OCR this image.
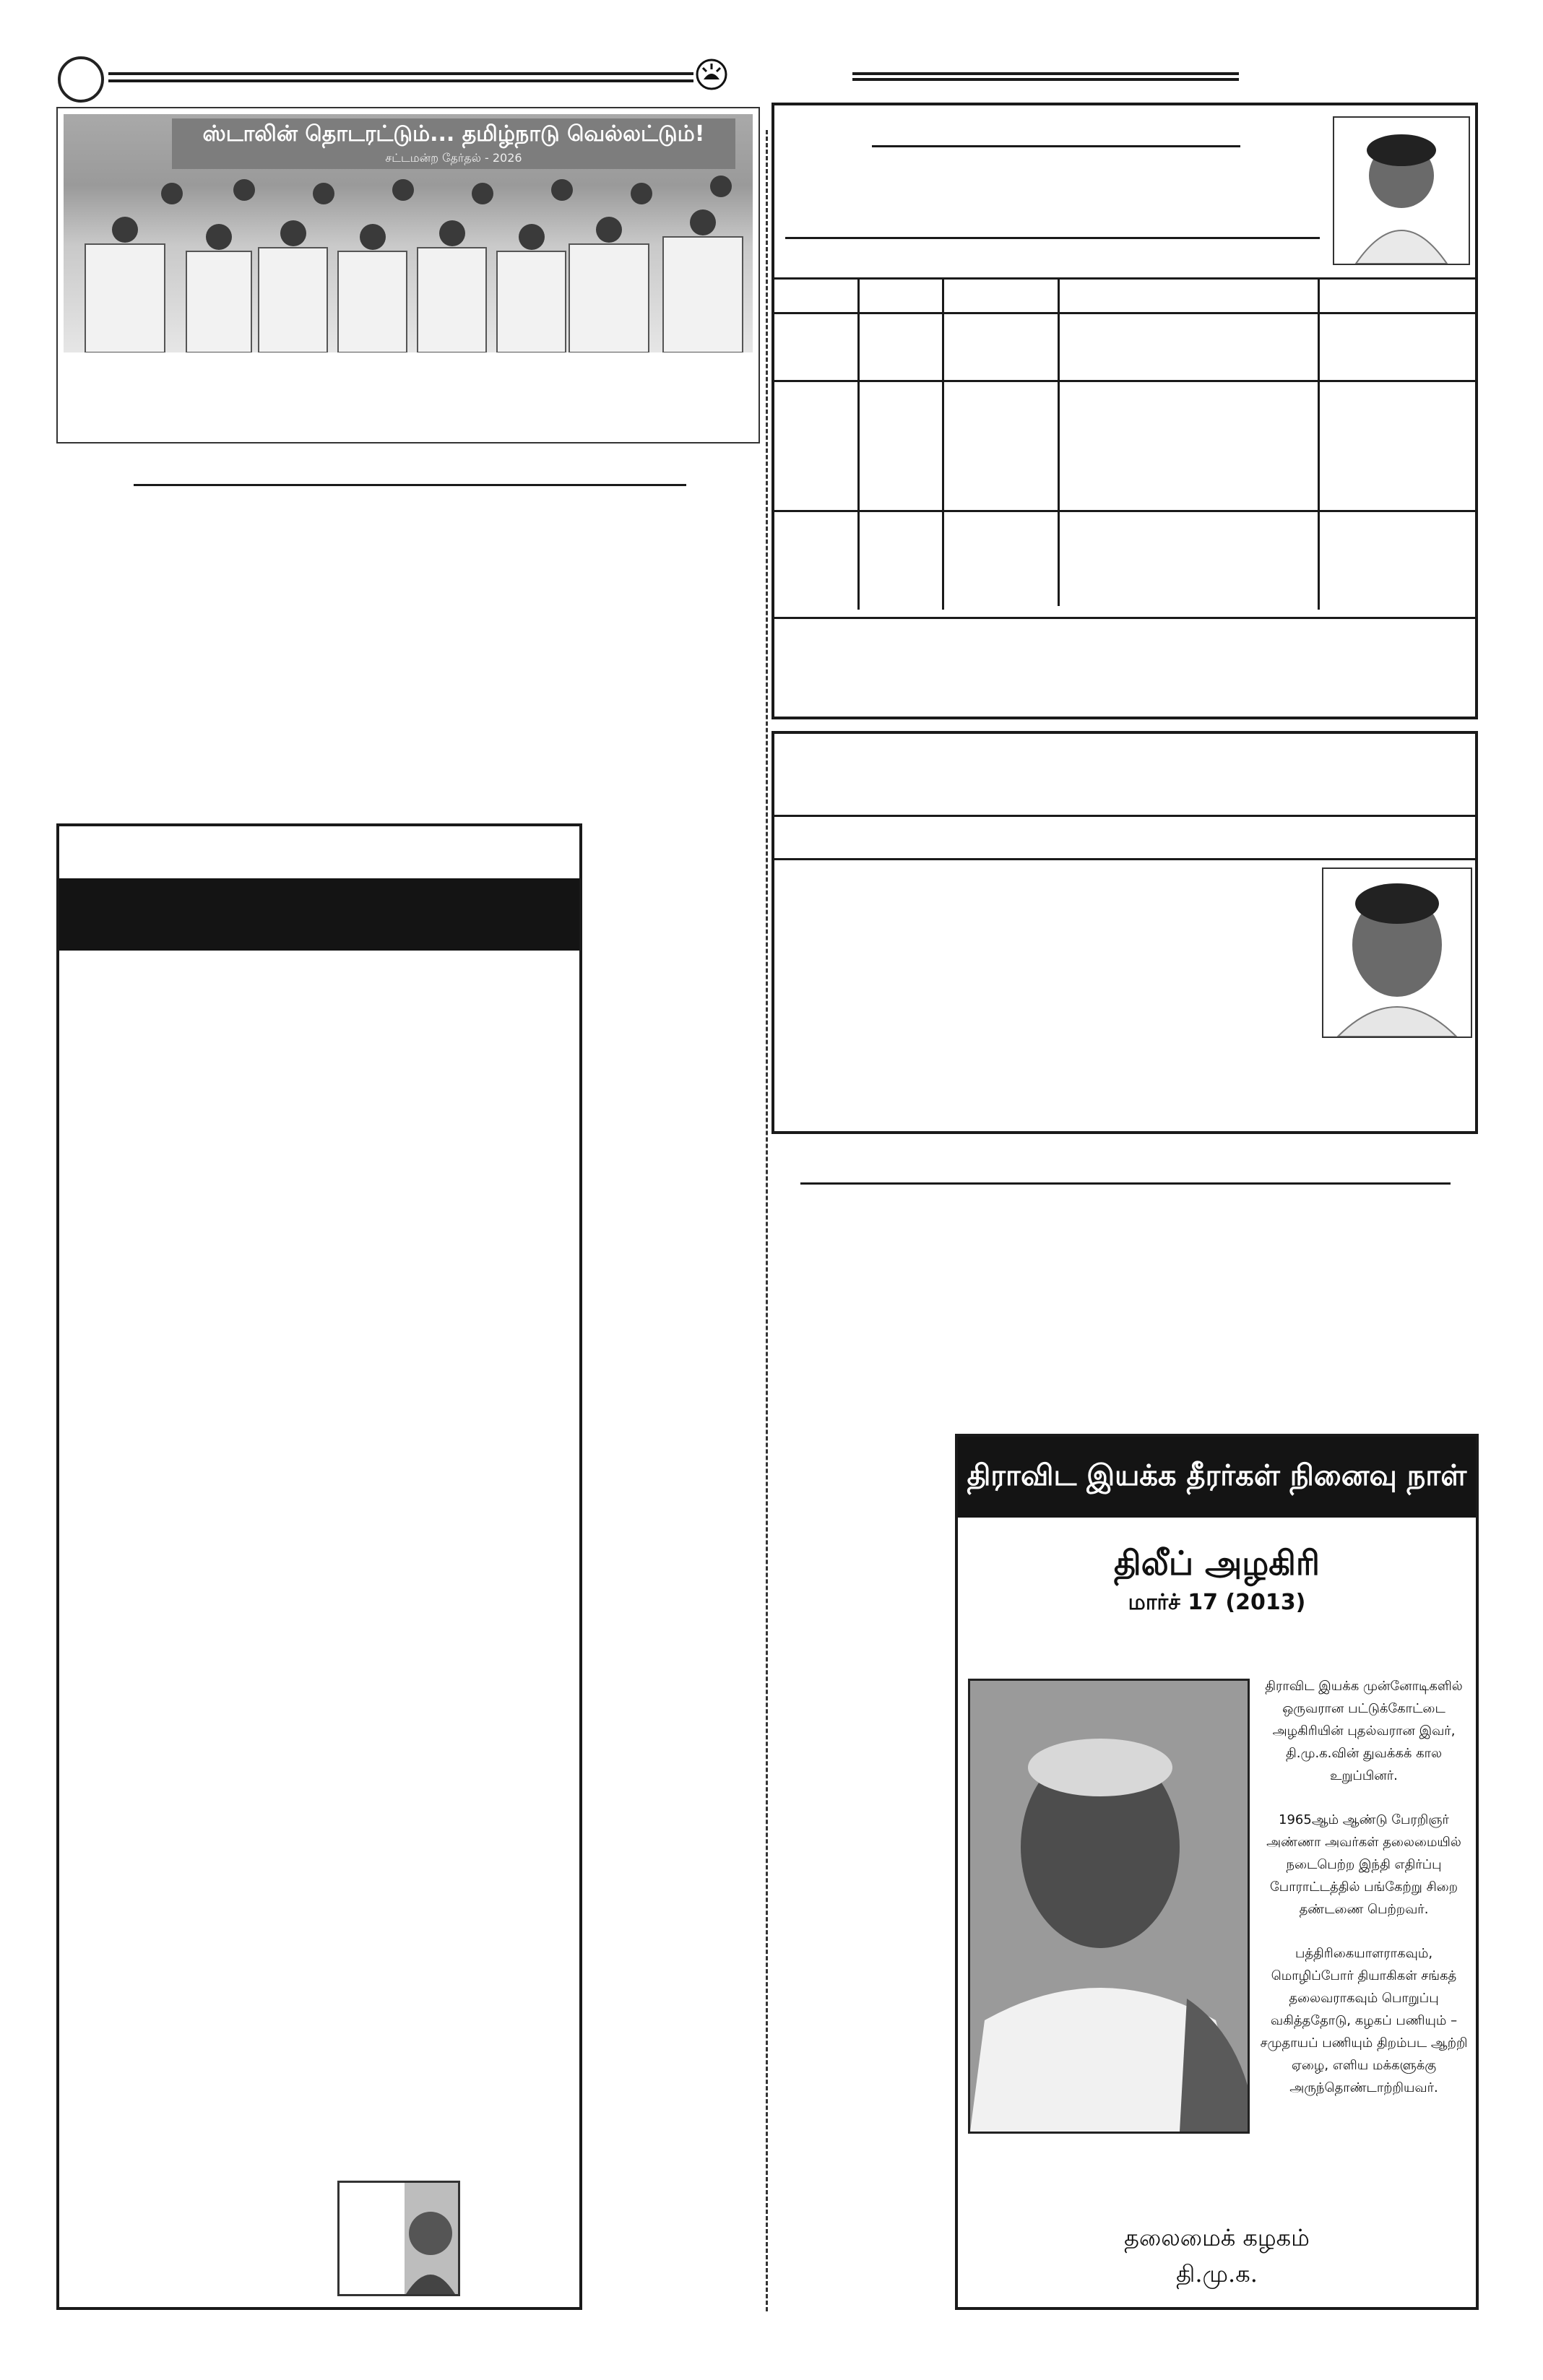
ஸ்டாலின் தொடரட்டும்... தமிழ்நாடு வெல்லட்டும்!
சட்டமன்ற தேர்தல் - 2026
திராவிட இயக்க தீரர்கள் நினைவு நாள்
திலீப் அழகிரி
மார்ச் 17 (2013)

திராவிட இயக்க முன்னோடிகளில் ஒருவரான பட்டுக்கோட்டை அழகிரியின் புதல்வரான இவர், தி.மு.க.வின் துவக்கக் கால உறுப்பினர்.

1965ஆம் ஆண்டு பேரறிஞர் அண்ணா அவர்கள் தலைமையில் நடைபெற்ற இந்தி எதிர்ப்பு போராட்டத்தில் பங்கேற்று சிறை தண்டணை பெற்றவர்.

பத்திரிகையாளராகவும், மொழிப்போர் தியாகிகள் சங்கத் தலைவராகவும் பொறுப்பு வகித்ததோடு, கழகப் பணியும் – சமுதாயப் பணியும் திறம்பட ஆற்றி ஏழை, எளிய மக்களுக்கு அருந்தொண்டாற்றியவர்.

தலைமைக் கழகம்
தி.மு.க.
